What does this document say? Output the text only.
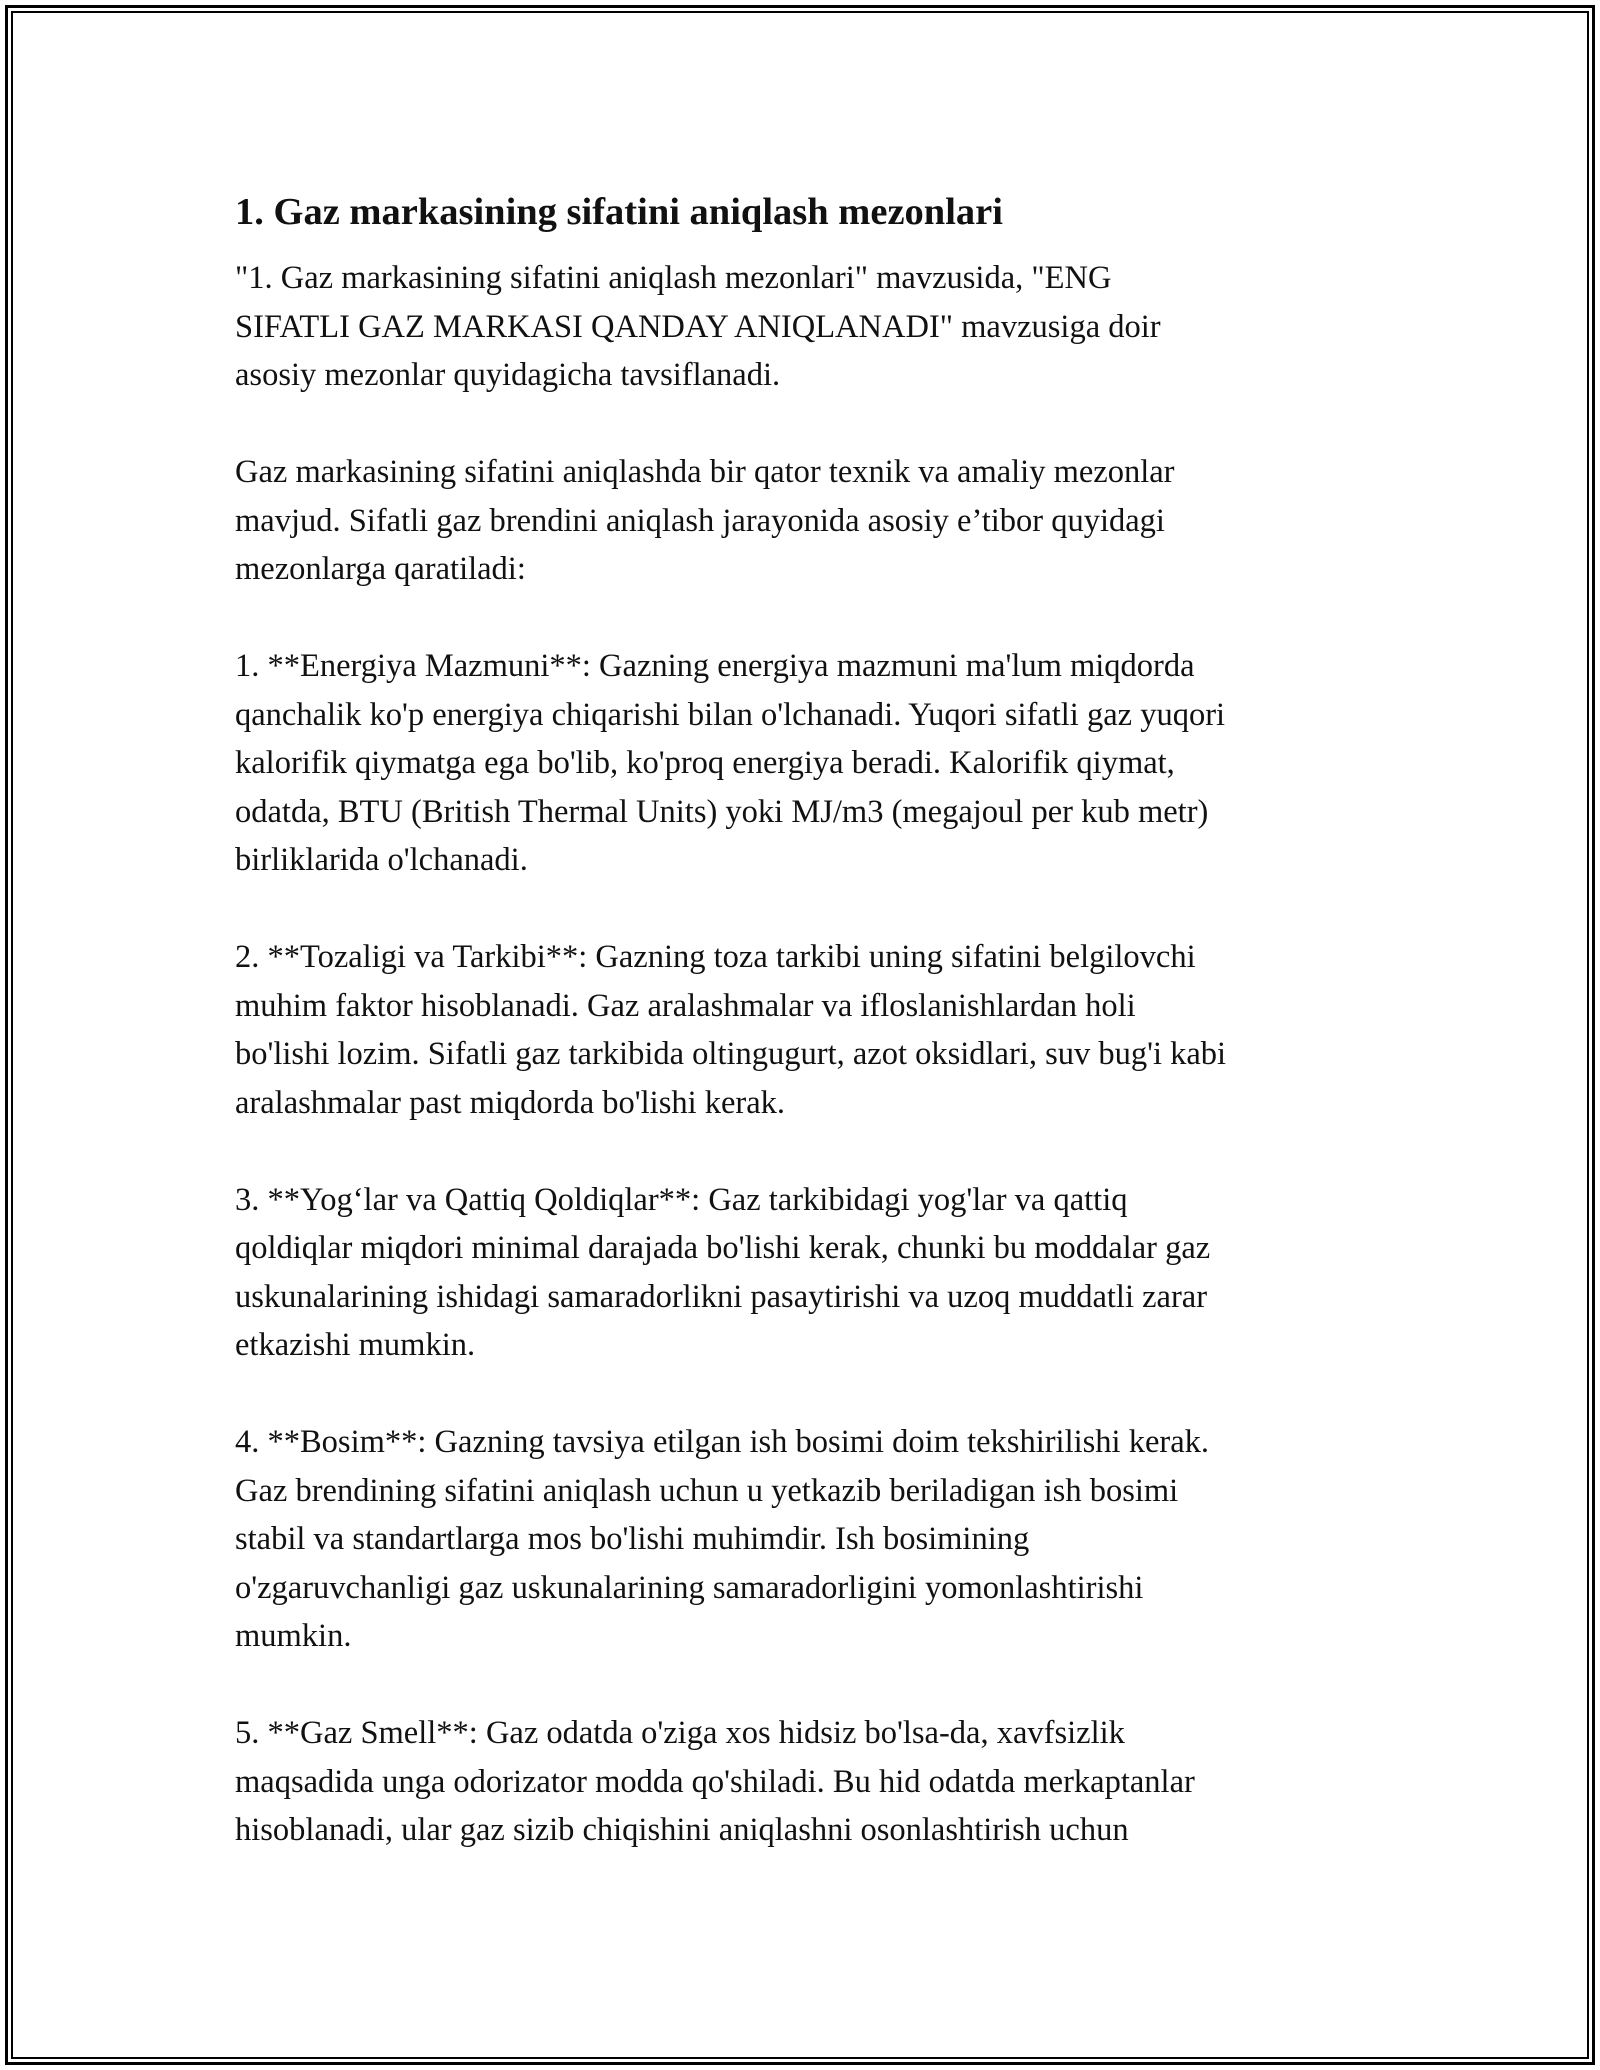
1. Gaz markasining sifatini aniqlash mezonlari

"1. Gaz markasining sifatini aniqlash mezonlari" mavzusida, "ENG
SIFATLI GAZ MARKASI QANDAY ANIQLANADI" mavzusiga doir
asosiy mezonlar quyidagicha tavsiflanadi.

Gaz markasining sifatini aniqlashda bir qator texnik va amaliy mezonlar
mavjud. Sifatli gaz brendini aniqlash jarayonida asosiy e’tibor quyidagi
mezonlarga qaratiladi:

1. **Energiya Mazmuni**: Gazning energiya mazmuni ma'lum miqdorda
qanchalik ko'p energiya chiqarishi bilan o'lchanadi. Yuqori sifatli gaz yuqori
kalorifik qiymatga ega bo'lib, ko'proq energiya beradi. Kalorifik qiymat,
odatda, BTU (British Thermal Units) yoki MJ/m3 (megajoul per kub metr)
birliklarida o'lchanadi.

2. **Tozaligi va Tarkibi**: Gazning toza tarkibi uning sifatini belgilovchi
muhim faktor hisoblanadi. Gaz aralashmalar va ifloslanishlardan holi
bo'lishi lozim. Sifatli gaz tarkibida oltingugurt, azot oksidlari, suv bug'i kabi
aralashmalar past miqdorda bo'lishi kerak.

3. **Yog‘lar va Qattiq Qoldiqlar**: Gaz tarkibidagi yog'lar va qattiq
qoldiqlar miqdori minimal darajada bo'lishi kerak, chunki bu moddalar gaz
uskunalarining ishidagi samaradorlikni pasaytirishi va uzoq muddatli zarar
etkazishi mumkin.

4. **Bosim**: Gazning tavsiya etilgan ish bosimi doim tekshirilishi kerak.
Gaz brendining sifatini aniqlash uchun u yetkazib beriladigan ish bosimi
stabil va standartlarga mos bo'lishi muhimdir. Ish bosimining
o'zgaruvchanligi gaz uskunalarining samaradorligini yomonlashtirishi
mumkin.

5. **Gaz Smell**: Gaz odatda o'ziga xos hidsiz bo'lsa-da, xavfsizlik
maqsadida unga odorizator modda qo'shiladi. Bu hid odatda merkaptanlar
hisoblanadi, ular gaz sizib chiqishini aniqlashni osonlashtirish uchun
